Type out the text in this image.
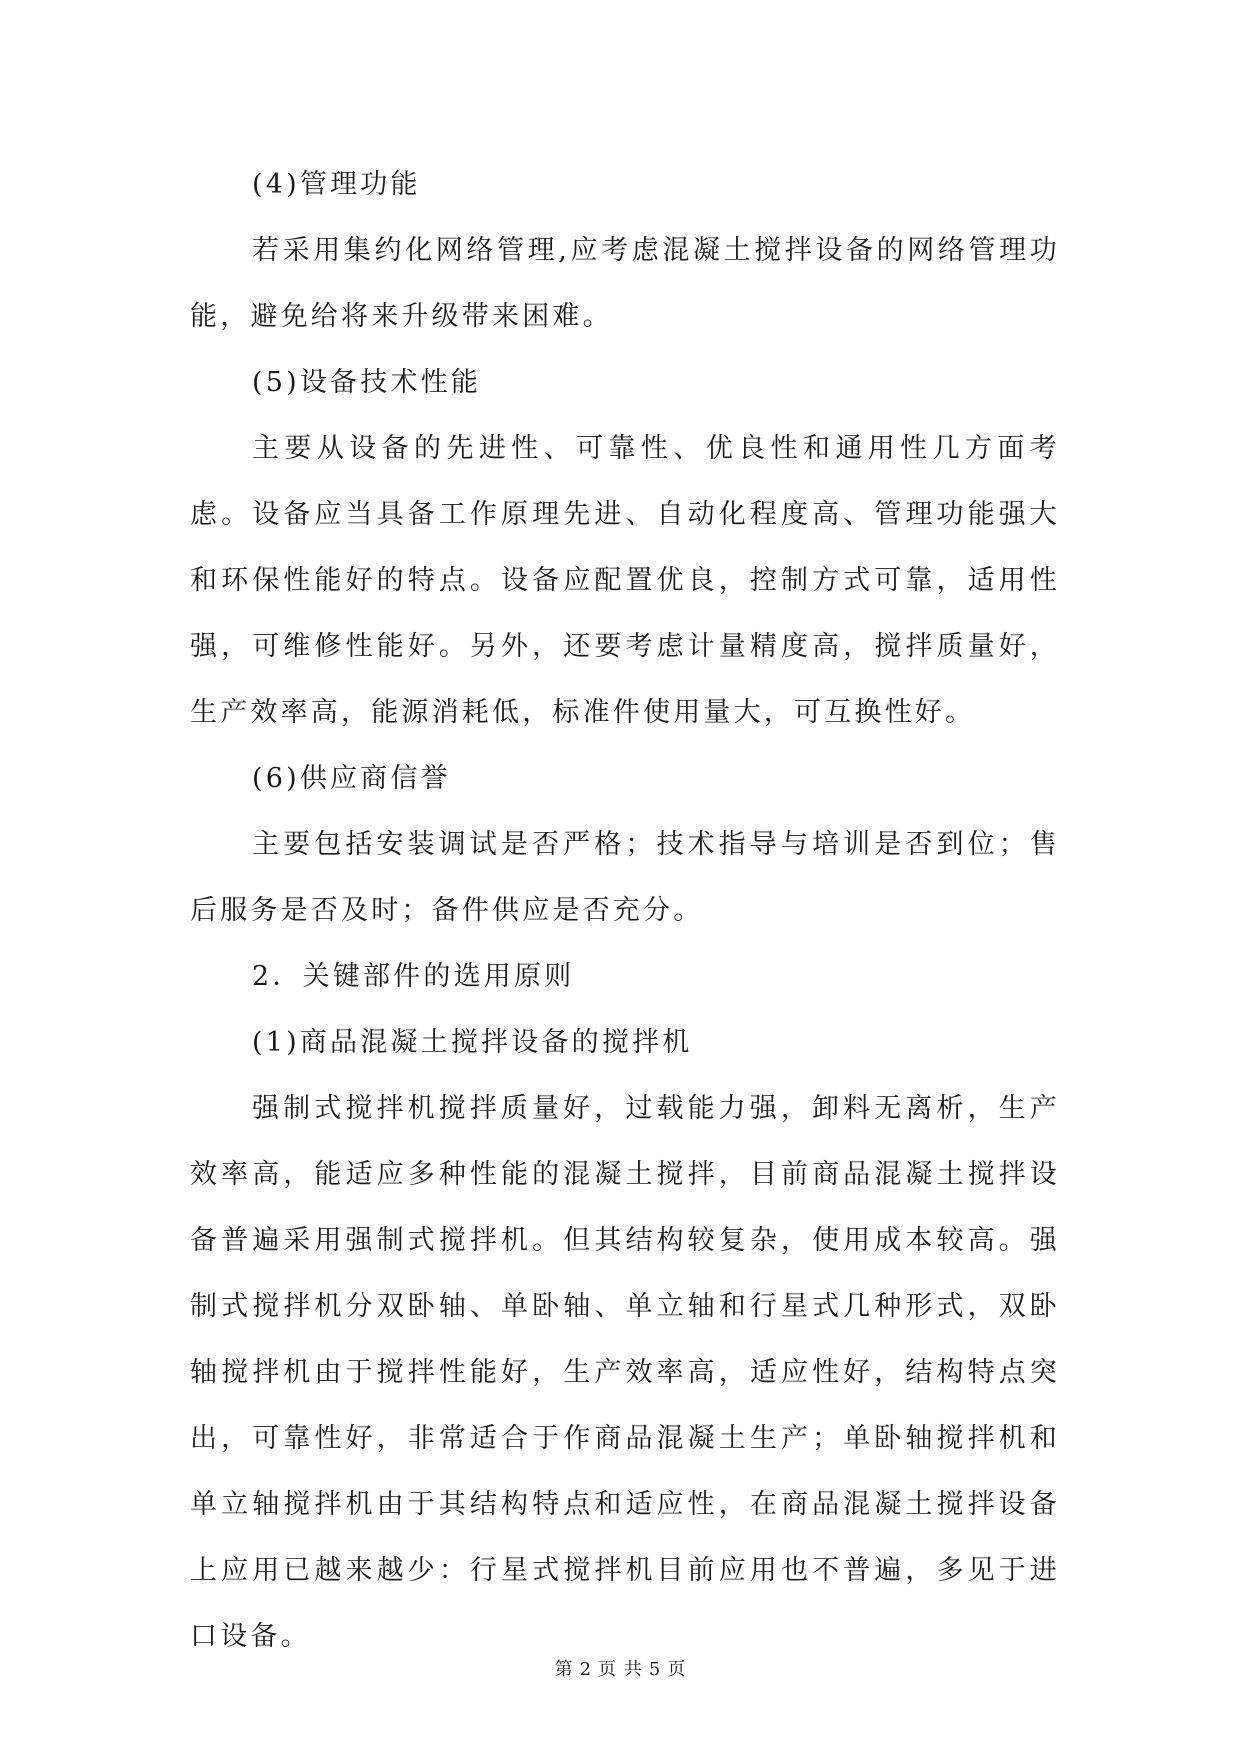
(4)管理功能

若采用集约化网络管理,应考虑混凝土搅拌设备的网络管理功能，避免给将来升级带来困难。

(5)设备技术性能

主要从设备的先进性、可靠性、优良性和通用性几方面考虑。设备应当具备工作原理先进、自动化程度高、管理功能强大和环保性能好的特点。设备应配置优良，控制方式可靠，适用性强，可维修性能好。另外，还要考虑计量精度高，搅拌质量好，生产效率高，能源消耗低，标准件使用量大，可互换性好。

(6)供应商信誉

主要包括安装调试是否严格；技术指导与培训是否到位；售后服务是否及时；备件供应是否充分。

2．关键部件的选用原则

(1)商品混凝土搅拌设备的搅拌机

强制式搅拌机搅拌质量好，过载能力强，卸料无离析，生产效率高，能适应多种性能的混凝土搅拌，目前商品混凝土搅拌设备普遍采用强制式搅拌机。但其结构较复杂，使用成本较高。强制式搅拌机分双卧轴、单卧轴、单立轴和行星式几种形式，双卧轴搅拌机由于搅拌性能好，生产效率高，适应性好，结构特点突出，可靠性好，非常适合于作商品混凝土生产；单卧轴搅拌机和单立轴搅拌机由于其结构特点和适应性，在商品混凝土搅拌设备上应用已越来越少：行星式搅拌机目前应用也不普遍，多见于进口设备。

第 2 页 共 5 页
